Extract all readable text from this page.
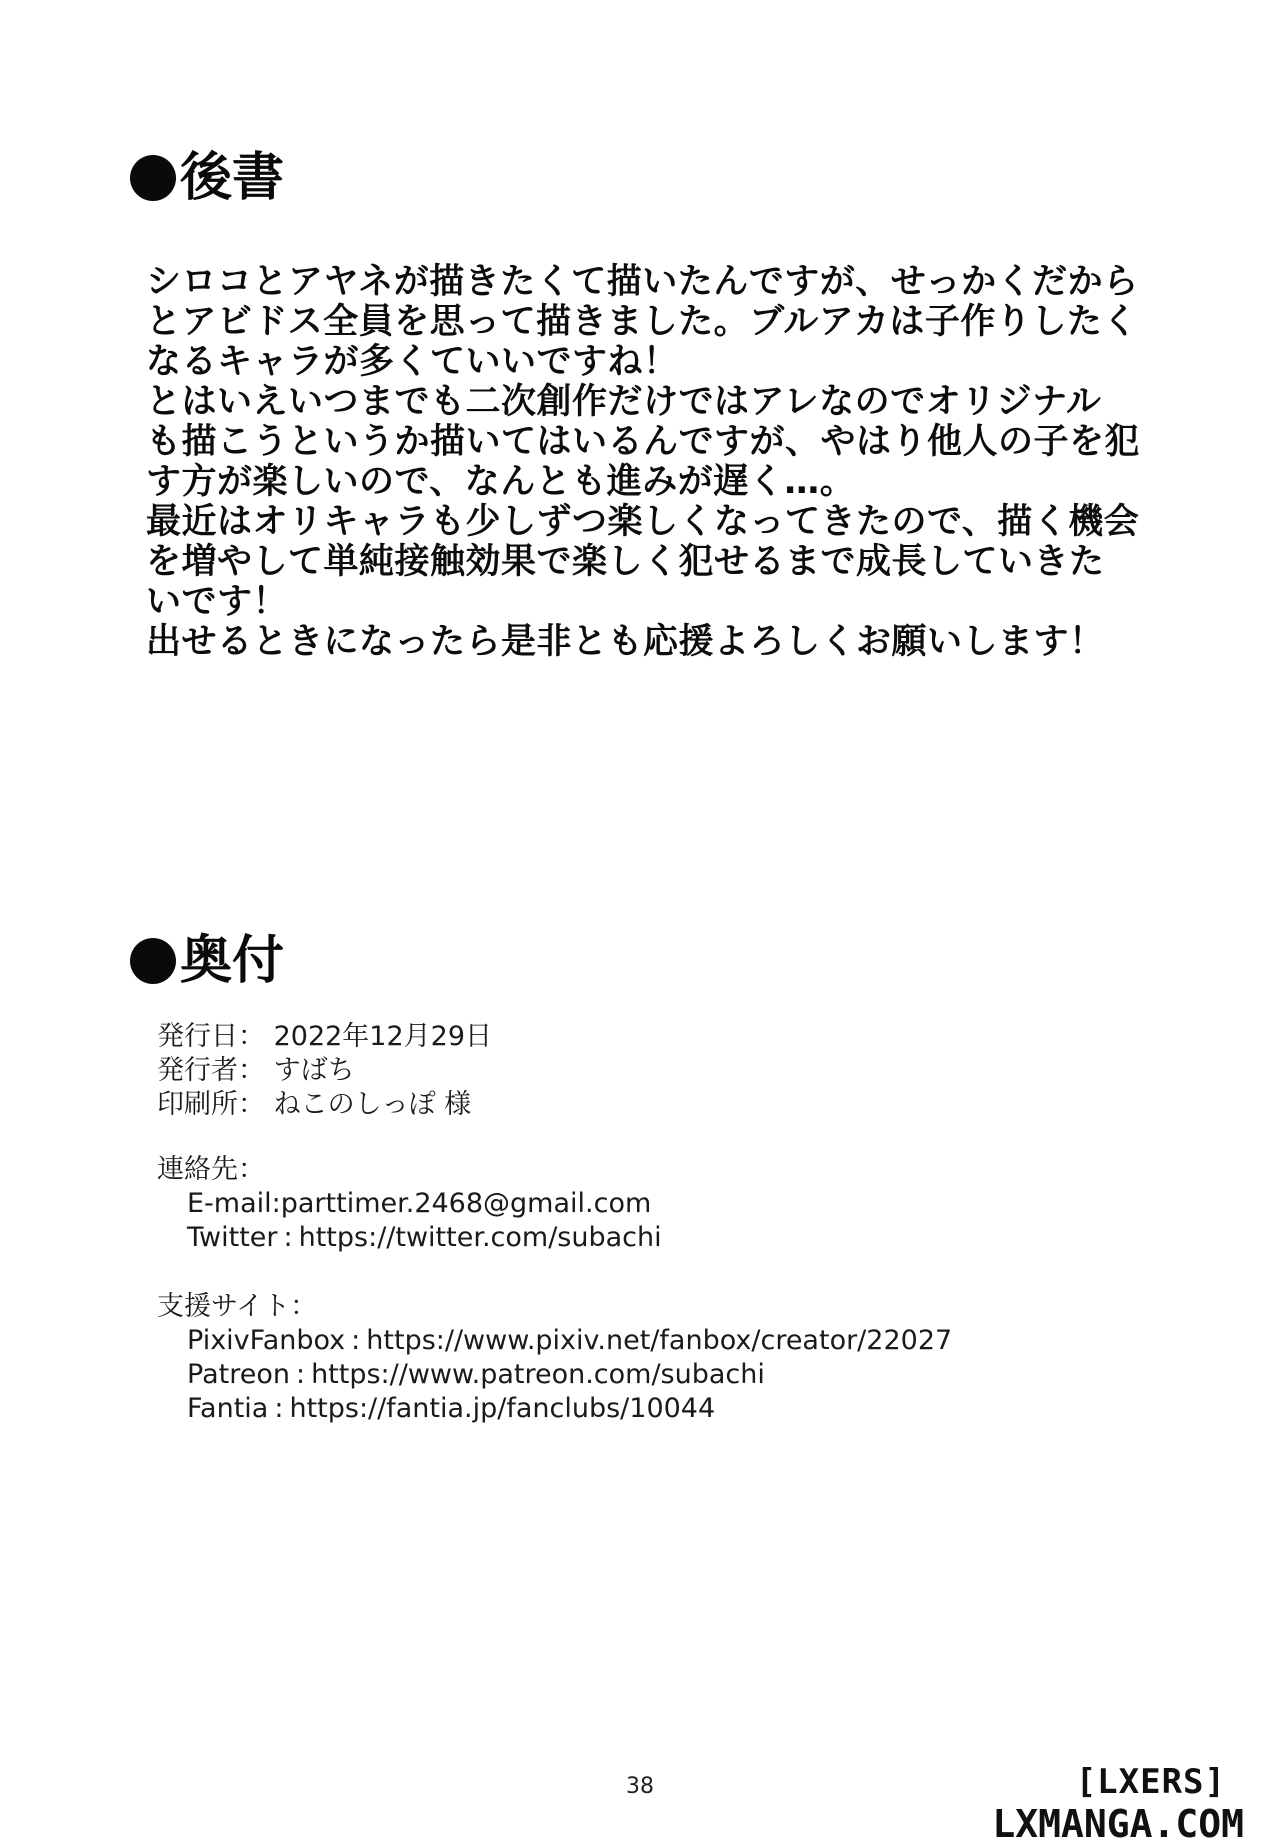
後書
シロコとアヤネが描きたくて描いたんですが、せっかくだから
とアビドス全員を思って描きました。ブルアカは子作りしたく
なるキャラが多くていいですね！
とはいえいつまでも二次創作だけではアレなのでオリジナル
も描こうというか描いてはいるんですが、やはり他人の子を犯
す方が楽しいので、なんとも進みが遅く…。
最近はオリキャラも少しずつ楽しくなってきたので、描く機会
を増やして単純接触効果で楽しく犯せるまで成長していきた
いです！
出せるときになったら是非とも応援よろしくお願いします！
奥付
発行日： 2022年12月29日
発行者： すばち
印刷所： ねこのしっぽ 様
連絡先：
E-mail:parttimer.2468@gmail.com
Twitter : https://twitter.com/subachi
支援サイト：
PixivFanbox : https://www.pixiv.net/fanbox/creator/22027
Patreon : https://www.patreon.com/subachi
Fantia : https://fantia.jp/fanclubs/10044
38	[LXERS]
LXMANGA.COM
